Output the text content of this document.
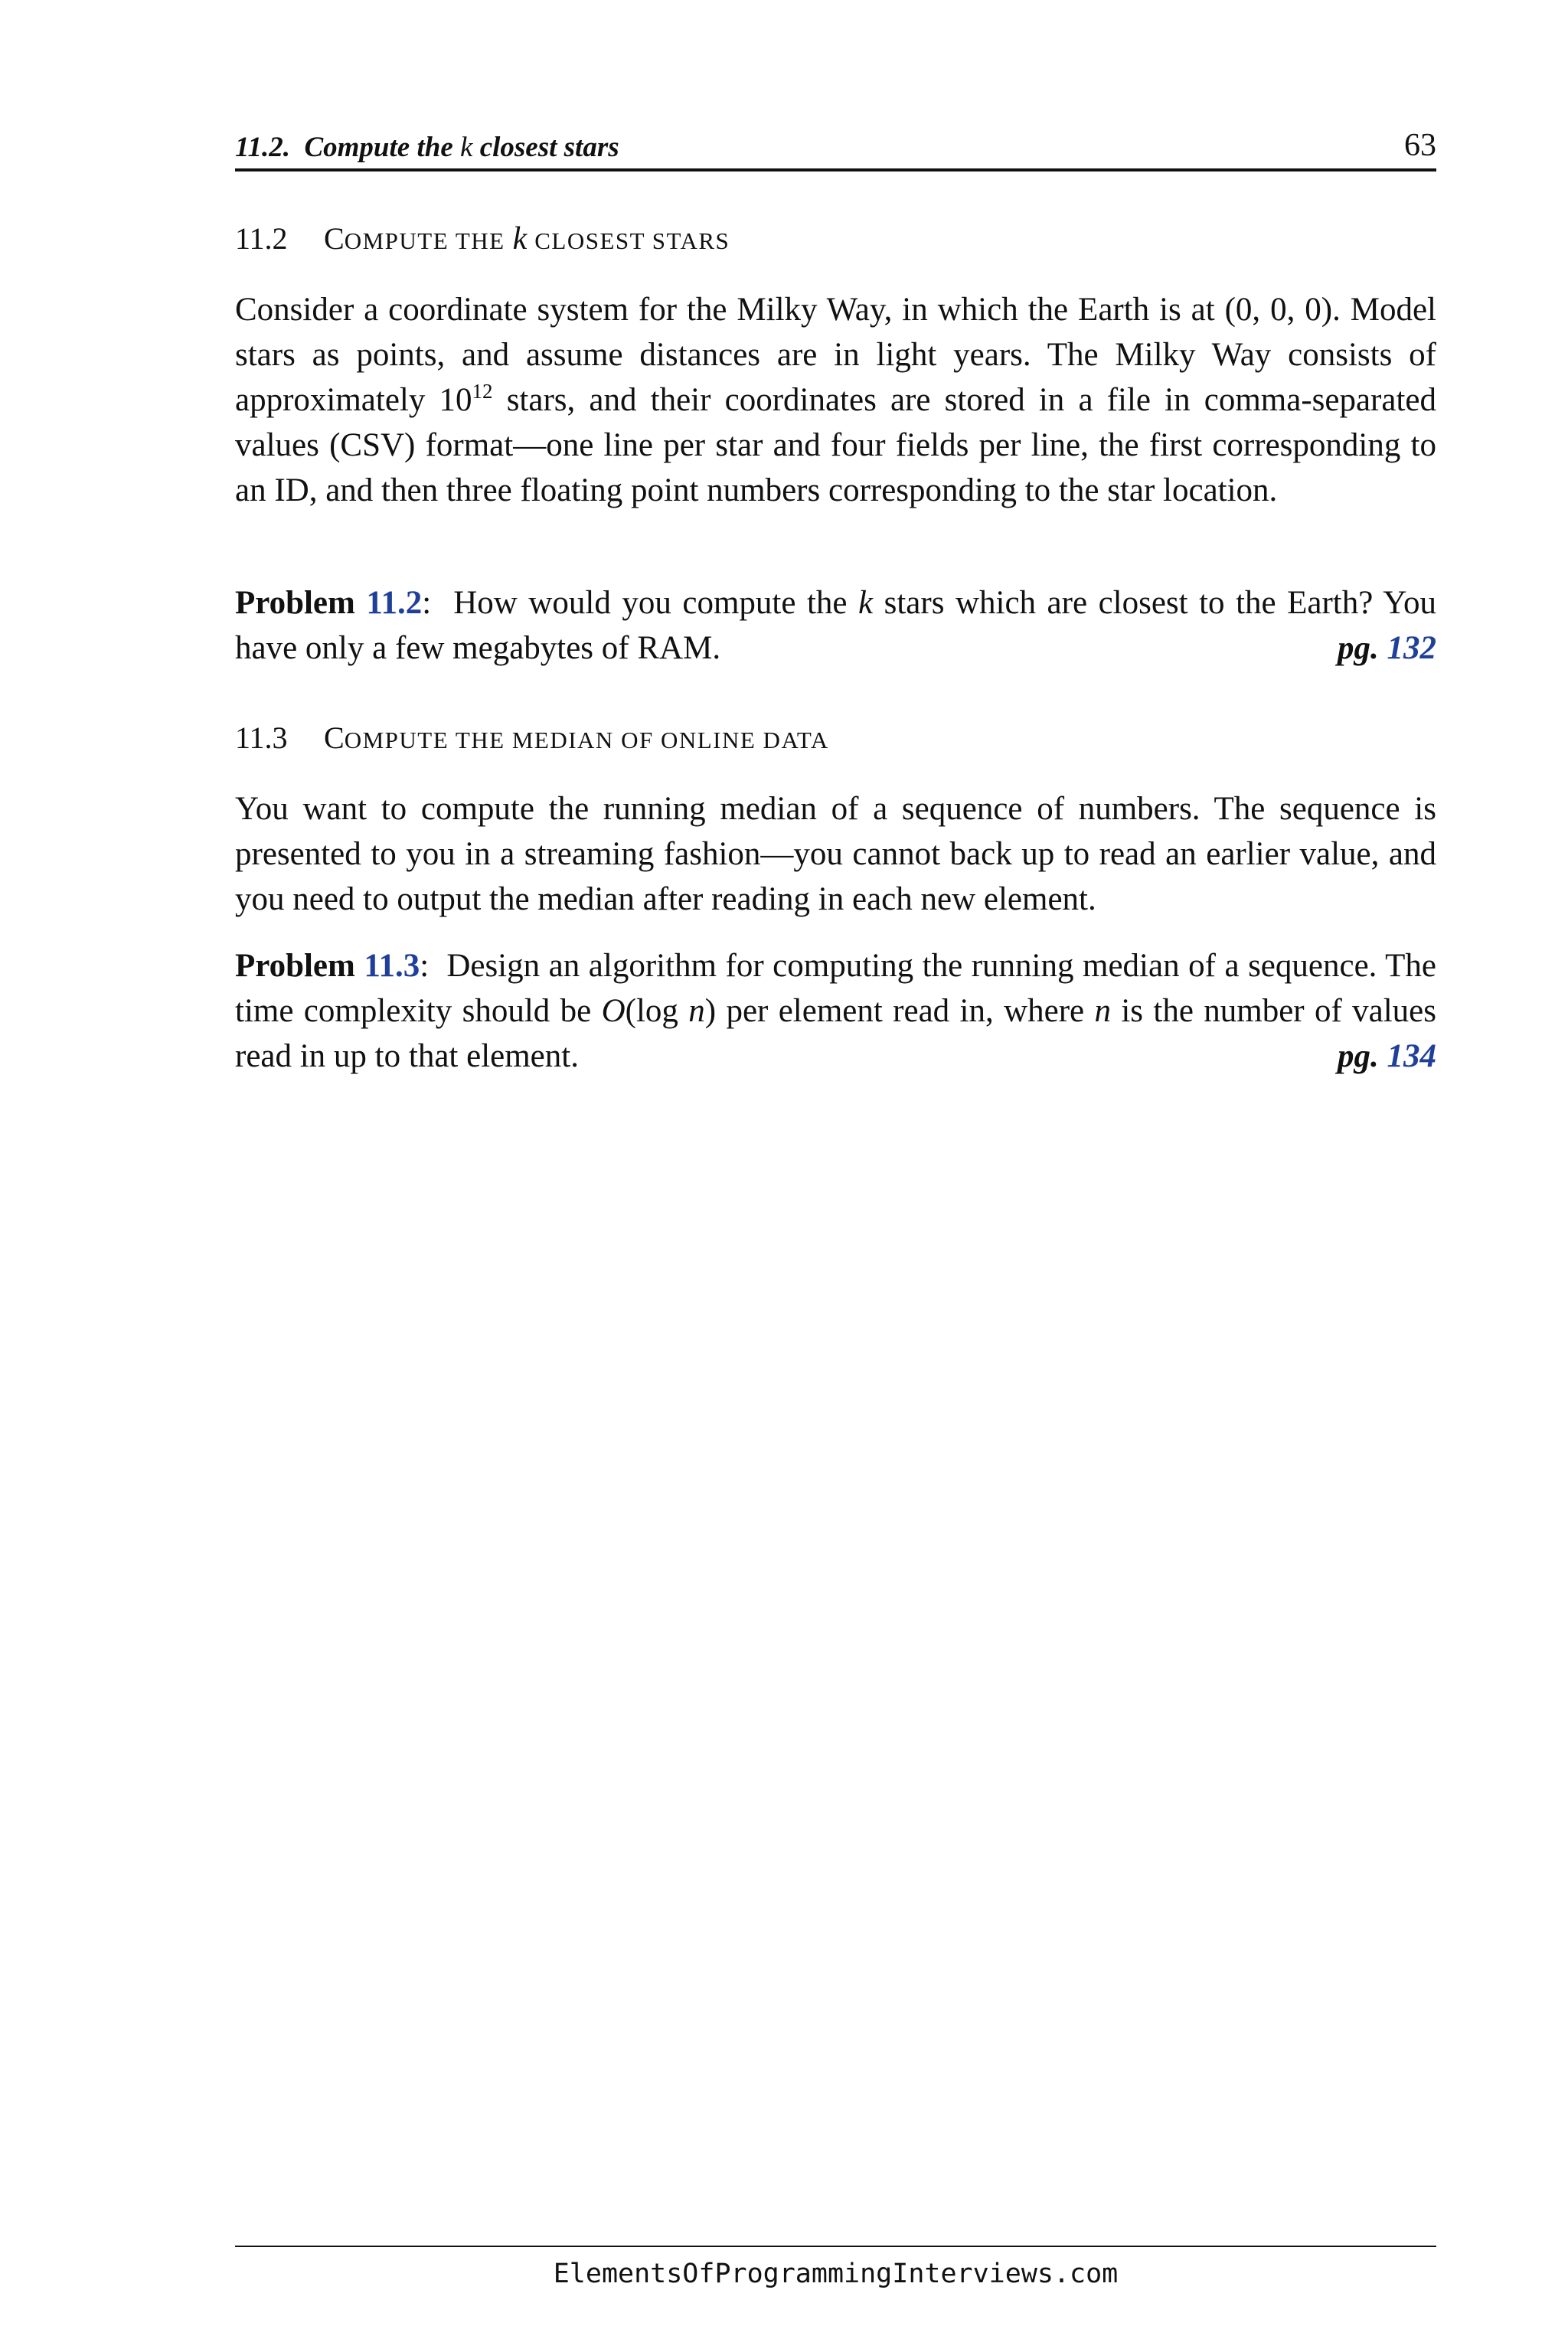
11.2. Compute the k closest stars	63
11.2 COMPUTE THE k CLOSEST STARS
Consider a coordinate system for the Milky Way, in which the Earth is at (0, 0, 0). Model stars as points, and assume distances are in light years. The Milky Way consists of approximately $10^{12}$ stars, and their coordinates are stored in a file in comma-separated values (CSV) format—one line per star and four fields per line, the first corresponding to an ID, and then three floating point numbers corresponding to the star location.
Problem 11.2: How would you compute the k stars which are closest to the Earth? You have only a few megabytes of RAM.	pg. 132
11.3 COMPUTE THE MEDIAN OF ONLINE DATA
You want to compute the running median of a sequence of numbers. The sequence is presented to you in a streaming fashion—you cannot back up to read an earlier value, and you need to output the median after reading in each new element.
Problem 11.3: Design an algorithm for computing the running median of a sequence. The time complexity should be O(log n) per element read in, where n is the number of values read in up to that element.	pg. 134
ElementsOfProgrammingInterviews.com
